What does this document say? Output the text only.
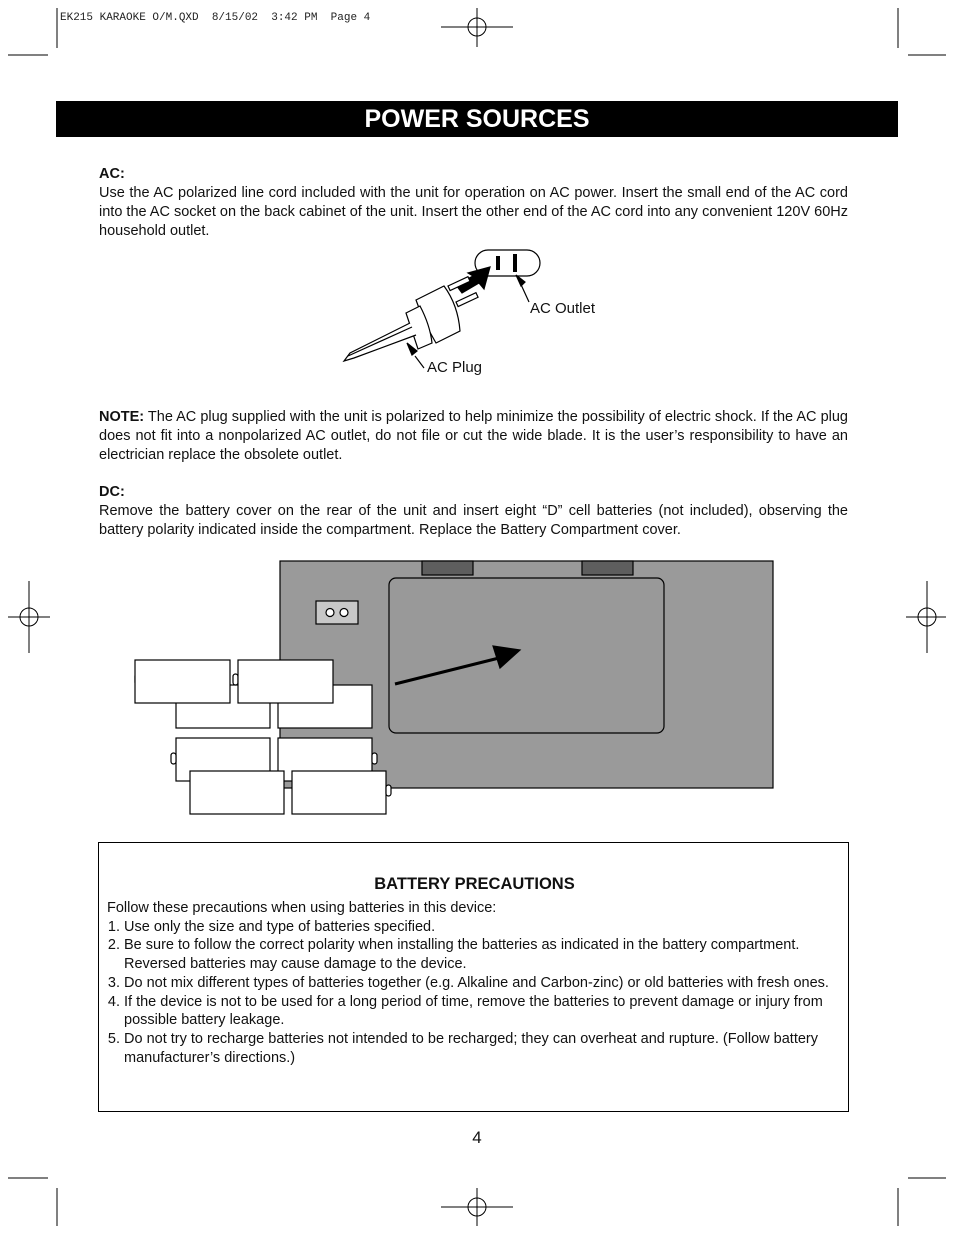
EK215 KARAOKE O/M.QXD  8/15/02  3:42 PM  Page 4
POWER SOURCES
AC:
Use the AC polarized line cord included with the unit for operation on AC power. Insert the small end of the AC cord into the AC socket on the back cabinet of the unit. Insert the other end of the AC cord into any convenient 120V 60Hz household outlet.
AC Outlet
AC Plug
NOTE: The AC plug supplied with the unit is polarized to help minimize the possibility of electric shock. If the AC plug does not fit into a nonpolarized AC outlet, do not file or cut the wide blade. It is the user’s responsibility to have an electrician replace the obsolete outlet.
DC:
Remove the battery cover on the rear of the unit and insert eight “D” cell batteries (not included), observing the battery polarity indicated inside the compartment. Replace the Battery Compartment cover.
BATTERY PRECAUTIONS
Follow these precautions when using batteries in this device:
1. Use only the size and type of batteries specified.
2. Be sure to follow the correct polarity when installing the batteries as indicated in the battery compartment. Reversed batteries may cause damage to the device.
3. Do not mix different types of batteries together (e.g. Alkaline and Carbon-zinc) or old batteries with fresh ones.
4. If the device is not to be used for a long period of time, remove the batteries to prevent damage or injury from possible battery leakage.
5. Do not try to recharge batteries not intended to be recharged; they can overheat and rupture. (Follow battery manufacturer’s directions.)
4
